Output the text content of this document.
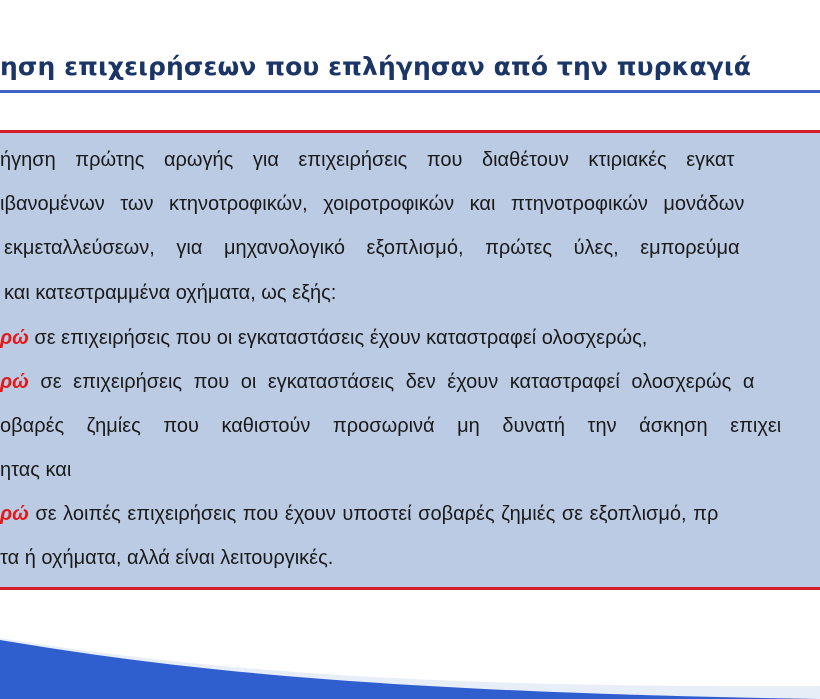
ηση επιχειρήσεων που επλήγησαν από την πυρκαγιά
ήγηση πρώτης αρωγής για επιχειρήσεις που διαθέτουν κτιριακές εγκατ
ιβανομένων των κτηνοτροφικών, χοιροτροφικών και πτηνοτροφικών μονάδων
εκμεταλλεύσεων, για μηχανολογικό εξοπλισμό, πρώτες ύλες, εμπορεύμα
και κατεστραμμένα οχήματα, ως εξής:
ρώ σε επιχειρήσεις που οι εγκαταστάσεις έχουν καταστραφεί ολοσχερώς,
ρώ σε επιχειρήσεις που οι εγκαταστάσεις δεν έχουν καταστραφεί ολοσχερώς α
οβαρές ζημίες που καθιστούν προσωρινά μη δυνατή την άσκηση επιχει
ητας και
ρώ σε λοιπές επιχειρήσεις που έχουν υποστεί σοβαρές ζημιές σε εξοπλισμό, πρ
τα ή οχήματα, αλλά είναι λειτουργικές.
